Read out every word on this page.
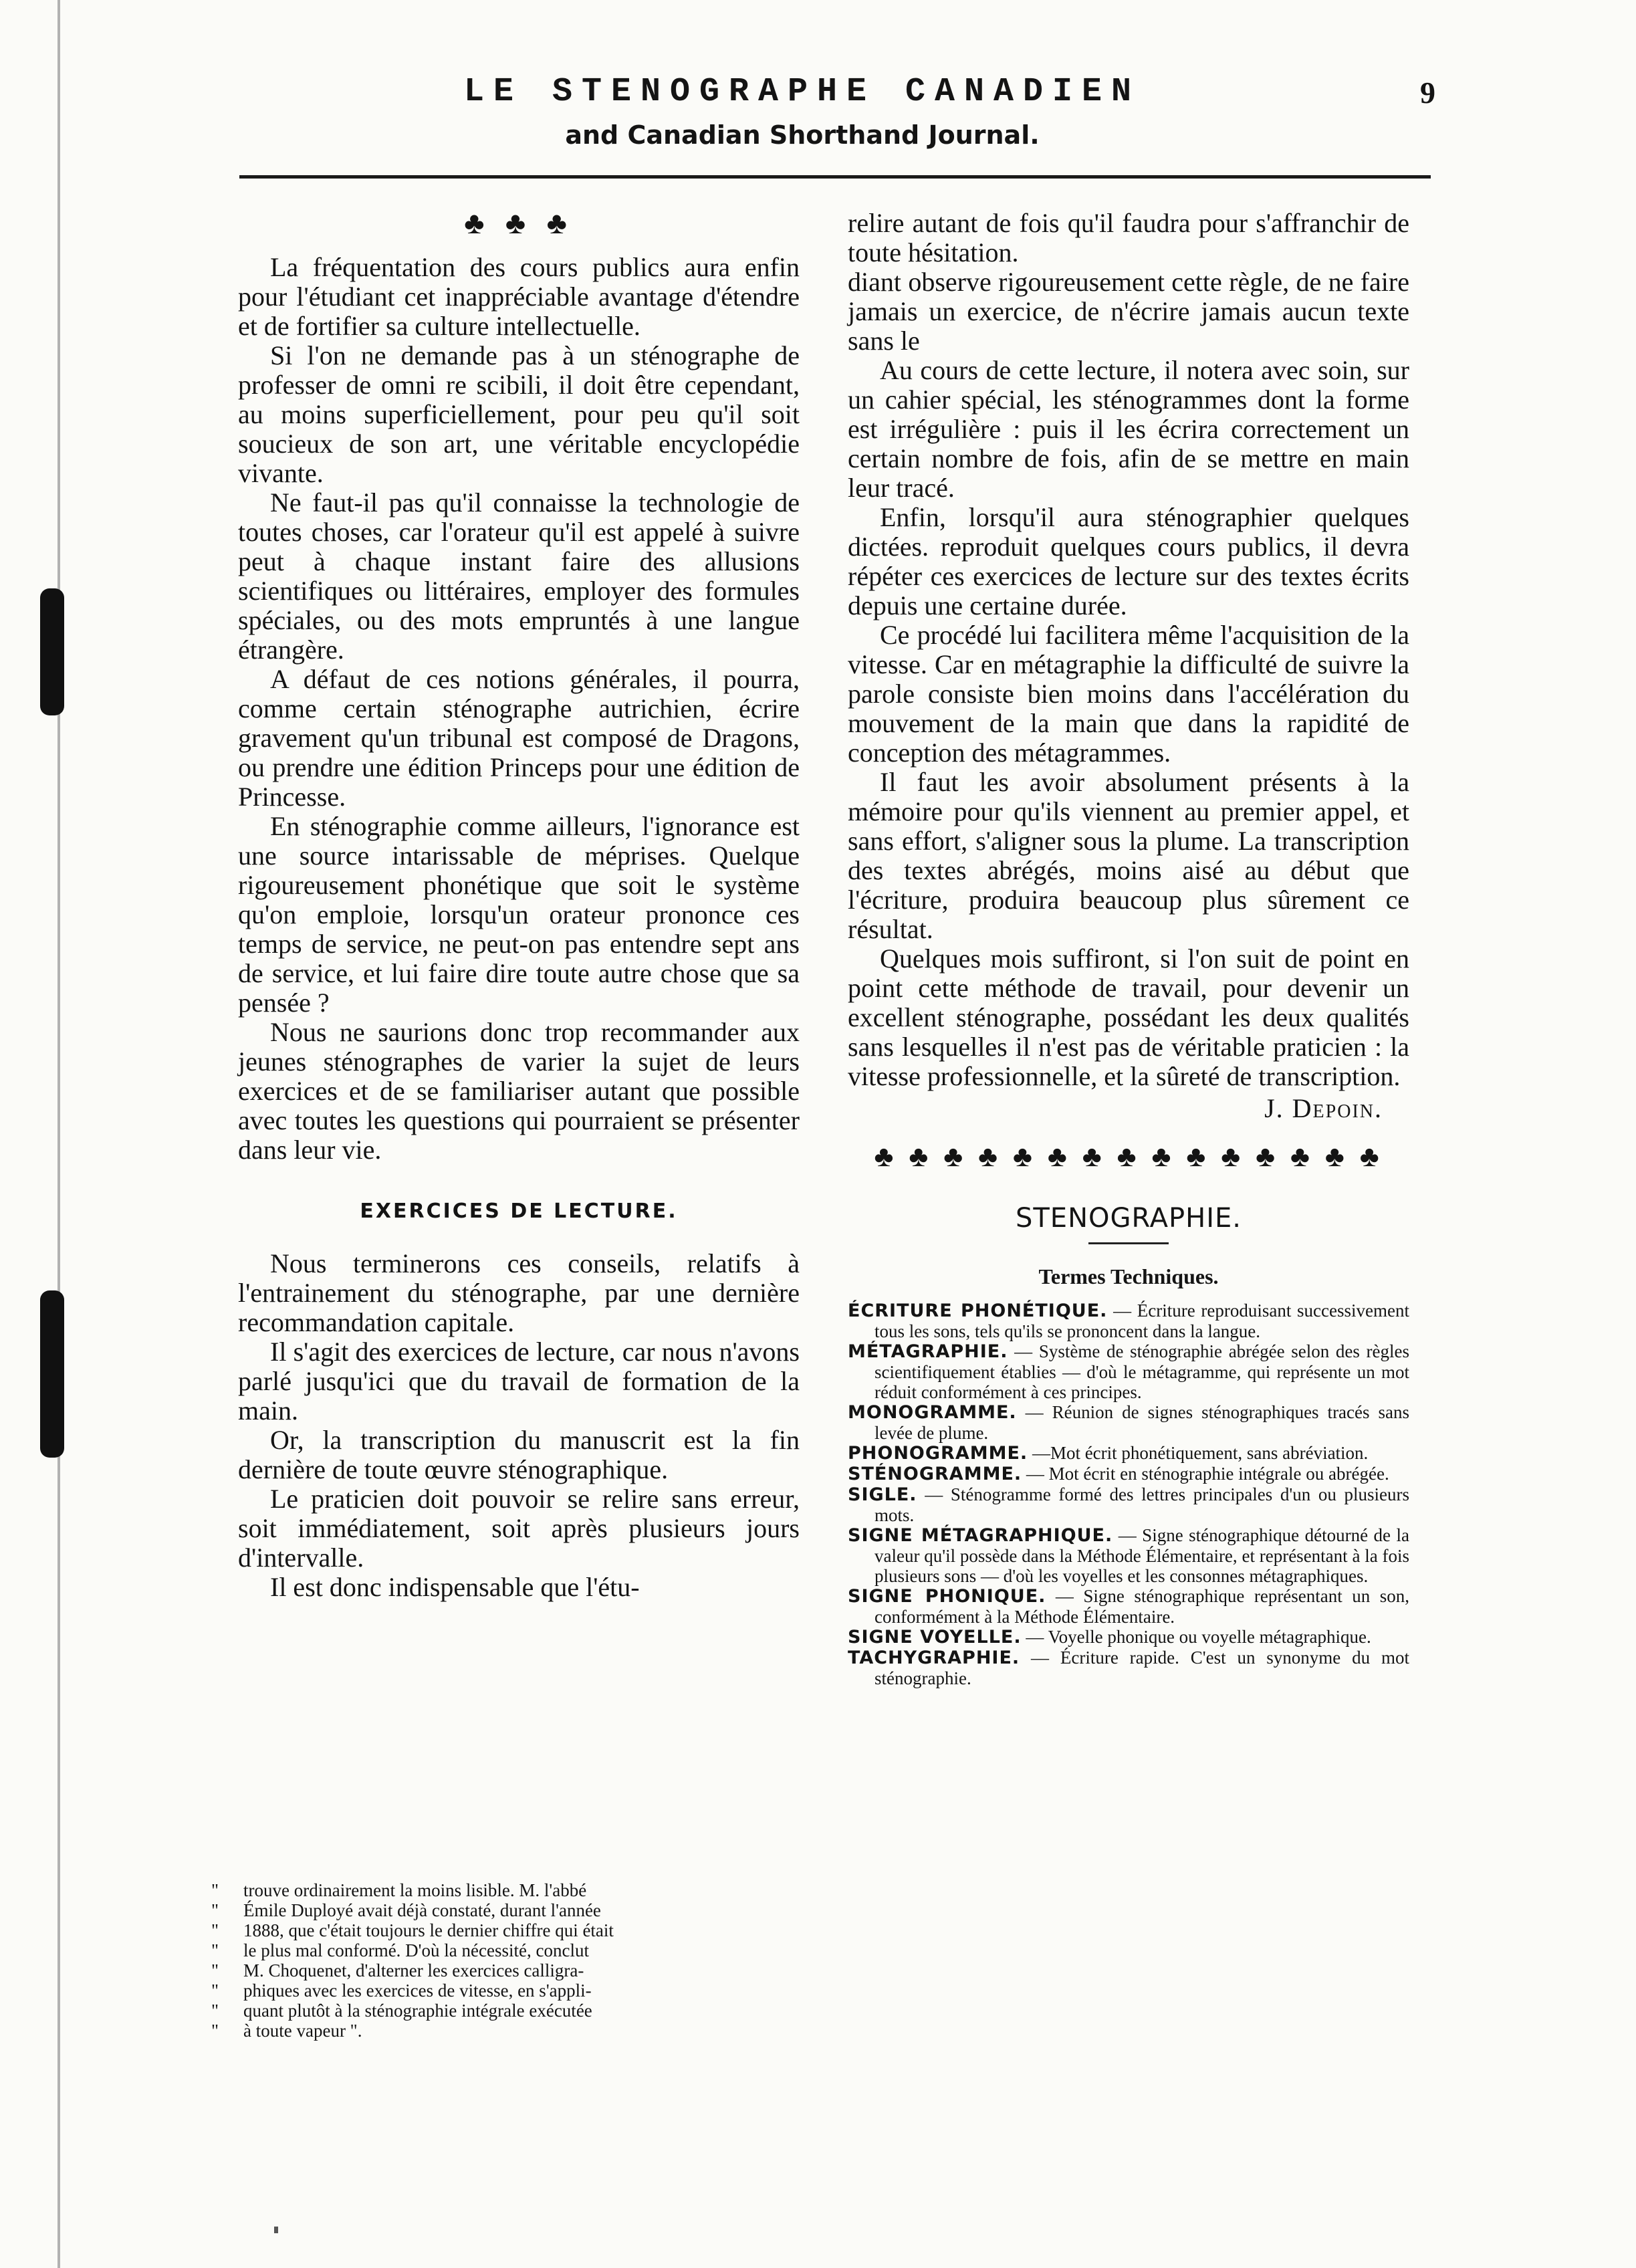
LE STENOGRAPHE CANADIEN
and Canadian Shorthand Journal.
9
♣ ♣ ♣

La fréquentation des cours publics aura enfin pour l'étudiant cet inappréciable avantage d'étendre et de fortifier sa culture intellectuelle.

Si l'on ne demande pas à un sténographe de professer de omni re scibili, il doit être cependant, au moins superficiellement, pour peu qu'il soit soucieux de son art, une véritable encyclopédie vivante.

Ne faut-il pas qu'il connaisse la technologie de toutes choses, car l'orateur qu'il est appelé à suivre peut à chaque instant faire des allusions scientifiques ou littéraires, employer des formules spéciales, ou des mots empruntés à une langue étrangère.

A défaut de ces notions générales, il pourra, comme certain sténographe autrichien, écrire gravement qu'un tribunal est composé de Dragons, ou prendre une édition Princeps pour une édition de Princesse.

En sténographie comme ailleurs, l'ignorance est une source intarissable de méprises. Quelque rigoureusement phonétique que soit le système qu'on emploie, lorsqu'un orateur prononce ces temps de service, ne peut-on pas entendre sept ans de service, et lui faire dire toute autre chose que sa pensée ?

Nous ne saurions donc trop recommander aux jeunes sténographes de varier la sujet de leurs exercices et de se familiariser autant que possible avec toutes les questions qui pourraient se présenter dans leur vie.

EXERCICES DE LECTURE.

Nous terminerons ces conseils, relatifs à l'entrainement du sténographe, par une dernière recommandation capitale.

Il s'agit des exercices de lecture, car nous n'avons parlé jusqu'ici que du travail de formation de la main.

Or, la transcription du manuscrit est la fin dernière de toute œuvre sténographique.

Le praticien doit pouvoir se relire sans erreur, soit immédiatement, soit après plusieurs jours d'intervalle.

Il est donc indispensable que l'étu-

" trouve ordinairement la moins lisible. M. l'abbé
" Émile Duployé avait déjà constaté, durant l'année
" 1888, que c'était toujours le dernier chiffre qui était
" le plus mal conformé. D'où la nécessité, conclut
" M. Choquenet, d'alterner les exercices calligra-
" phiques avec les exercices de vitesse, en s'appli-
" quant plutôt à la sténographie intégrale exécutée
" à toute vapeur ".

relire autant de fois qu'il faudra pour s'affranchir de toute hésitation.

diant observe rigoureusement cette règle, de ne faire jamais un exercice, de n'écrire jamais aucun texte sans le

Au cours de cette lecture, il notera avec soin, sur un cahier spécial, les sténogrammes dont la forme est irrégulière : puis il les écrira correctement un certain nombre de fois, afin de se mettre en main leur tracé.

Enfin, lorsqu'il aura sténographier quelques dictées. reproduit quelques cours publics, il devra répéter ces exercices de lecture sur des textes écrits depuis une certaine durée.

Ce procédé lui facilitera même l'acquisition de la vitesse. Car en métagraphie la difficulté de suivre la parole consiste bien moins dans l'accélération du mouvement de la main que dans la rapidité de conception des métagrammes.

Il faut les avoir absolument présents à la mémoire pour qu'ils viennent au premier appel, et sans effort, s'aligner sous la plume. La transcription des textes abrégés, moins aisé au début que l'écriture, produira beaucoup plus sûrement ce résultat.

Quelques mois suffiront, si l'on suit de point en point cette méthode de travail, pour devenir un excellent sténographe, possédant les deux qualités sans lesquelles il n'est pas de véritable praticien : la vitesse professionnelle, et la sûreté de transcription.

J. Depoin.
♣ ♣ ♣ ♣ ♣ ♣ ♣ ♣ ♣ ♣ ♣ ♣ ♣ ♣ ♣
STENOGRAPHIE.
Termes Techniques.
ÉCRITURE PHONÉTIQUE. — Écriture reproduisant successivement tous les sons, tels qu'ils se prononcent dans la langue.
MÉTAGRAPHIE. — Système de sténographie abrégée selon des règles scientifiquement établies — d'où le métagramme, qui représente un mot réduit conformément à ces principes.
MONOGRAMME. — Réunion de signes sténographiques tracés sans levée de plume.
PHONOGRAMME. —Mot écrit phonétiquement, sans abréviation.
STÉNOGRAMME. — Mot écrit en sténographie intégrale ou abrégée.
SIGLE. — Sténogramme formé des lettres principales d'un ou plusieurs mots.
SIGNE MÉTAGRAPHIQUE. — Signe sténographique détourné de la valeur qu'il possède dans la Méthode Élémentaire, et représentant à la fois plusieurs sons — d'où les voyelles et les consonnes métagraphiques.
SIGNE PHONIQUE. — Signe sténographique représentant un son, conformément à la Méthode Élémentaire.
SIGNE VOYELLE. — Voyelle phonique ou voyelle métagraphique.
TACHYGRAPHIE. — Écriture rapide. C'est un synonyme du mot sténographie.
